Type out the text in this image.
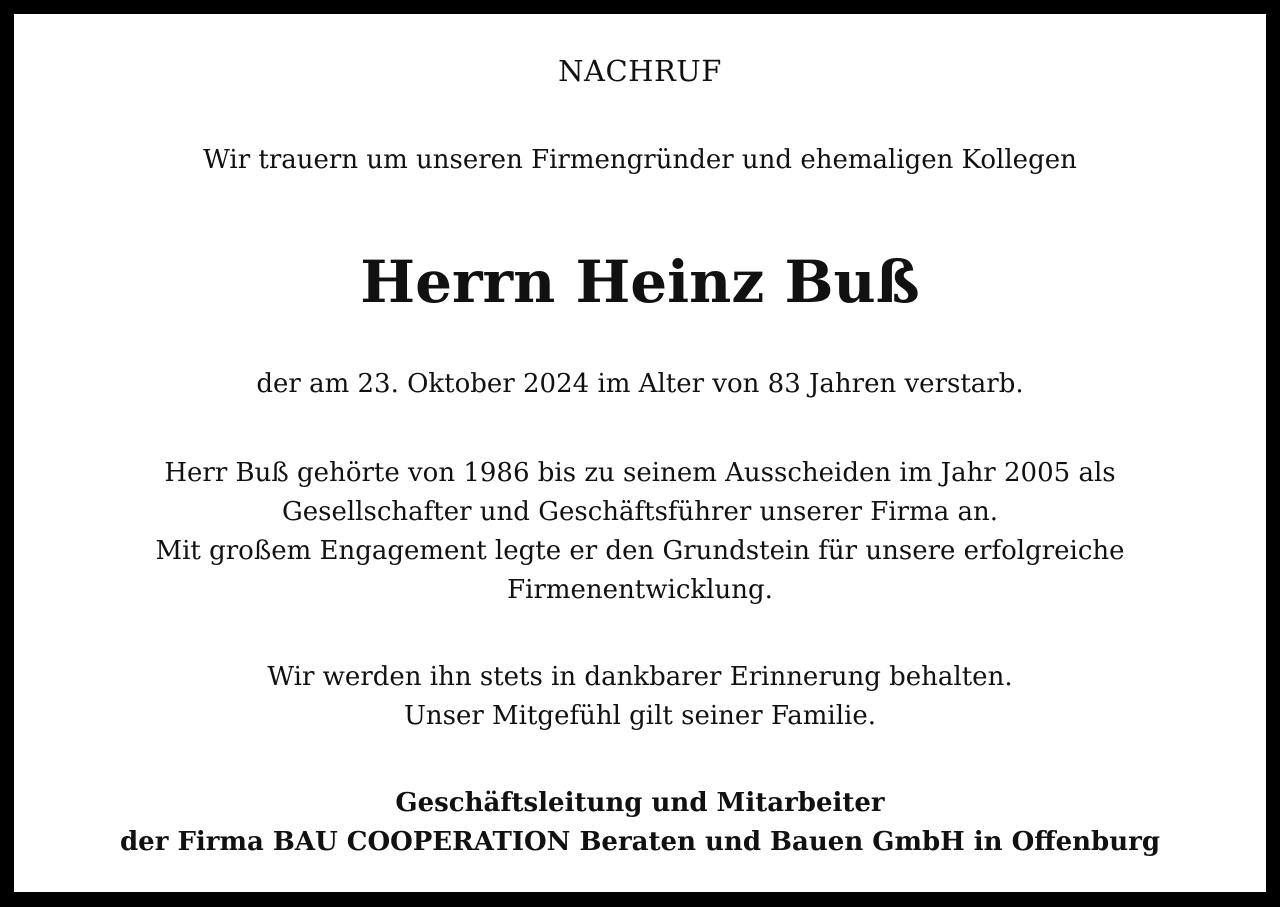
NACHRUF
Wir trauern um unseren Firmengründer und ehemaligen Kollegen
Herrn Heinz Buß
der am 23. Oktober 2024 im Alter von 83 Jahren verstarb.
Herr Buß gehörte von 1986 bis zu seinem Ausscheiden im Jahr 2005 als
Gesellschafter und Geschäftsführer unserer Firma an.
Mit großem Engagement legte er den Grundstein für unsere erfolgreiche
Firmenentwicklung.
Wir werden ihn stets in dankbarer Erinnerung behalten.
Unser Mitgefühl gilt seiner Familie.
Geschäftsleitung und Mitarbeiter
der Firma BAU COOPERATION Beraten und Bauen GmbH in Offenburg
